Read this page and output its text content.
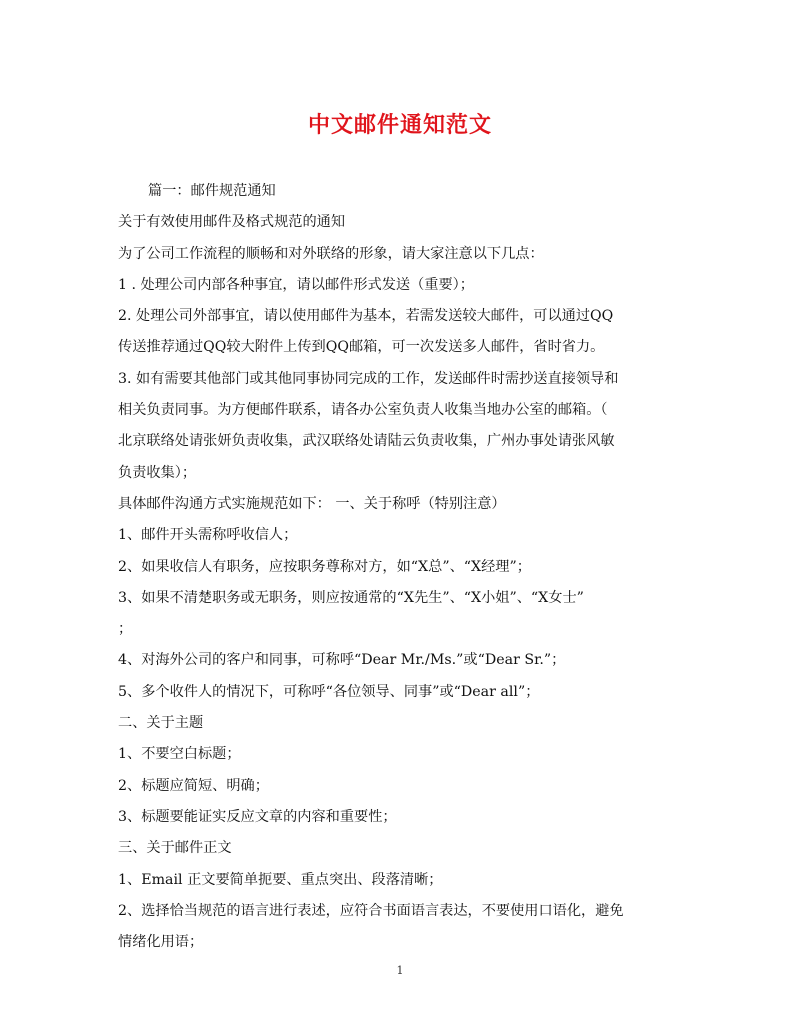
中文邮件通知范文
篇一：邮件规范通知
关于有效使用邮件及格式规范的通知
为了公司工作流程的顺畅和对外联络的形象，请大家注意以下几点：
1 . 处理公司内部各种事宜，请以邮件形式发送（重要）；
2. 处理公司外部事宜，请以使用邮件为基本，若需发送较大邮件，可以通过QQ
传送推荐通过QQ较大附件上传到QQ邮箱，可一次发送多人邮件，省时省力。
3. 如有需要其他部门或其他同事协同完成的工作，发送邮件时需抄送直接领导和
相关负责同事。为方便邮件联系，请各办公室负责人收集当地办公室的邮箱。（
北京联络处请张妍负责收集，武汉联络处请陆云负责收集，广州办事处请张风敏
负责收集）；
具体邮件沟通方式实施规范如下： 一、关于称呼（特别注意）
1、邮件开头需称呼收信人；
2、如果收信人有职务，应按职务尊称对方，如“X总”、“X经理”；
3、如果不清楚职务或无职务，则应按通常的“X先生”、“X小姐”、“X女士”
；
4、对海外公司的客户和同事，可称呼“Dear Mr./Ms.”或“Dear Sr.”；
5、多个收件人的情况下，可称呼“各位领导、同事”或“Dear all”；
二、关于主题
1、不要空白标题；
2、标题应简短、明确；
3、标题要能证实反应文章的内容和重要性；
三、关于邮件正文
1、Email 正文要简单扼要、重点突出、段落清晰；
2、选择恰当规范的语言进行表述，应符合书面语言表达，不要使用口语化，避免
情绪化用语；
1
